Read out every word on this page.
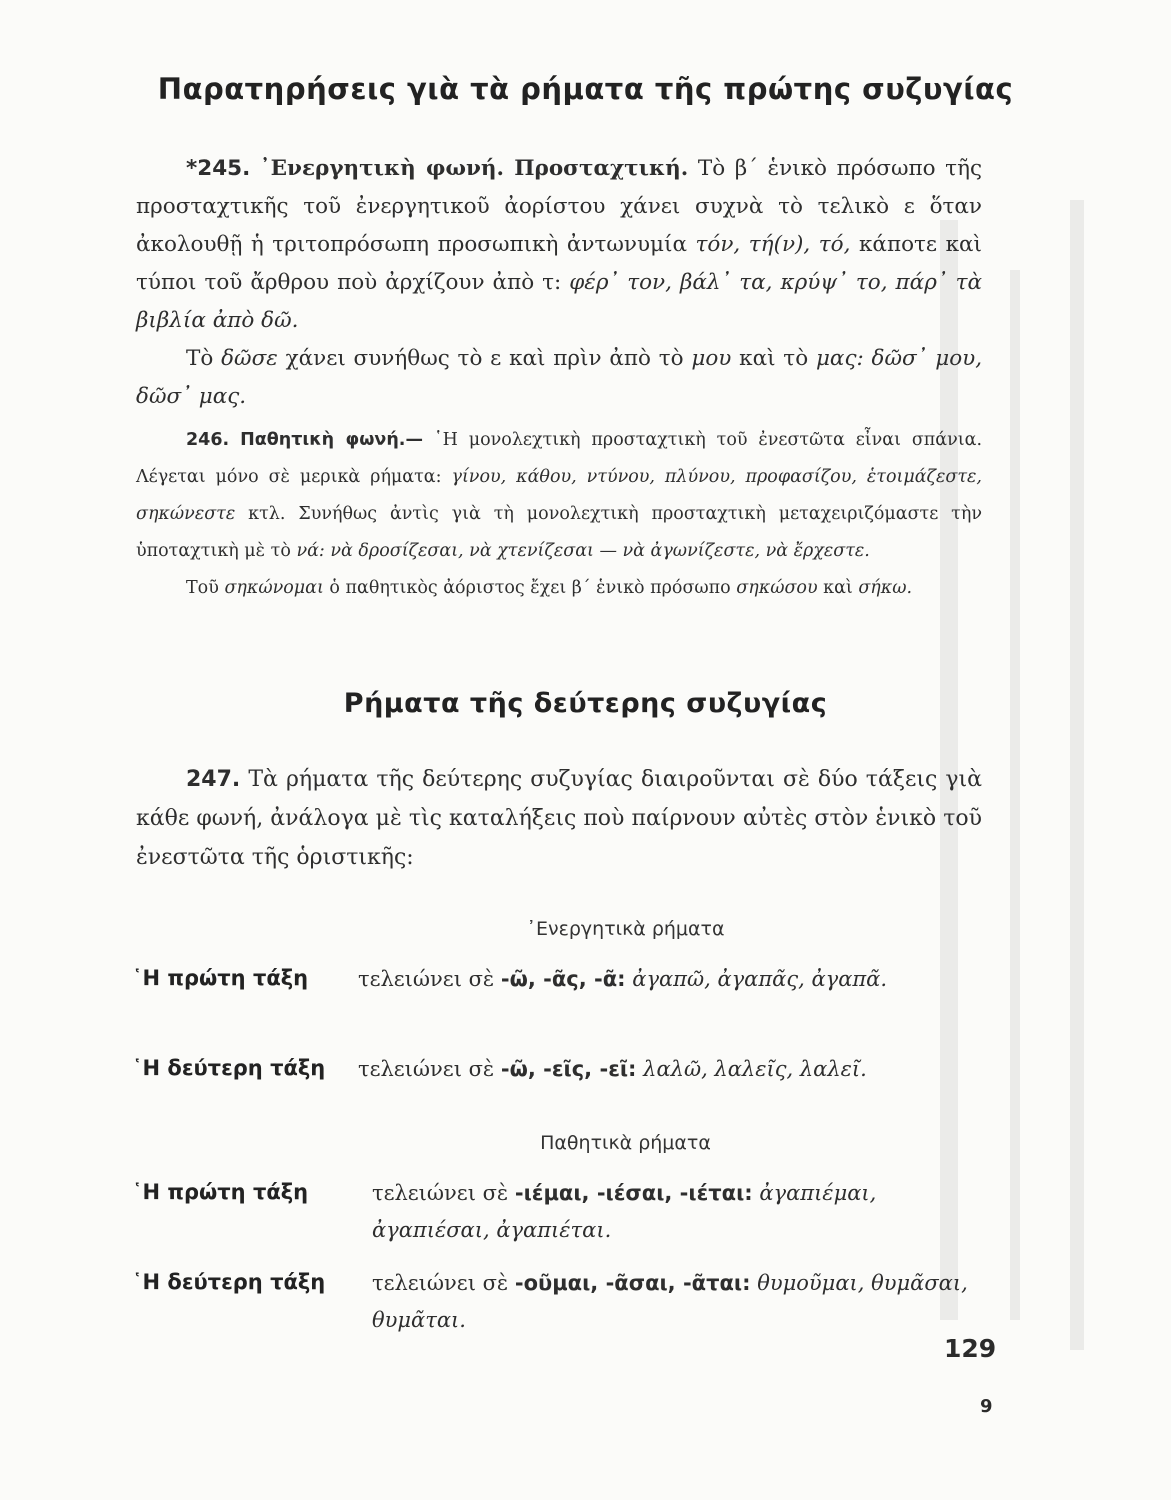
Παρατηρήσεις γιὰ τὰ ρήματα τῆς πρώτης συζυγίας
*245. ᾿Ενεργητικὴ φωνή. Προσταχτική. Τὸ β΄ ἑνικὸ πρόσωπο τῆς προσταχτικῆς τοῦ ἐνεργητικοῦ ἀορίστου χάνει συχνὰ τὸ τελικὸ ε ὅταν ἀκολουθῇ ἡ τριτοπρόσωπη προσωπικὴ ἀντωνυμία τόν, τή(ν), τό, κάποτε καὶ τύποι τοῦ ἄρθρου ποὺ ἀρχίζουν ἀπὸ τ: φέρ᾿ τον, βάλ᾿ τα, κρύψ᾿ το, πάρ᾿ τὰ βιβλία ἀπὸ δῶ.
Τὸ δῶσε χάνει συνήθως τὸ ε καὶ πρὶν ἀπὸ τὸ μου καὶ τὸ μας: δῶσ᾿ μου, δῶσ᾿ μας.
246. Παθητικὴ φωνή.— ῾Η μονολεχτικὴ προσταχτικὴ τοῦ ἐνεστῶτα εἶναι σπάνια. Λέγεται μόνο σὲ μερικὰ ρήματα: γίνου, κάθου, ντύνου, πλύνου, προφασίζου, ἑτοιμάζεστε, σηκώνεστε κτλ. Συνήθως ἀντὶς γιὰ τὴ μονολεχτικὴ προσταχτικὴ μεταχειριζόμαστε τὴν ὑποταχτικὴ μὲ τὸ νά: νὰ δροσίζεσαι, νὰ χτενίζεσαι — νὰ ἀγωνίζεστε, νὰ ἔρχεστε.
Τοῦ σηκώνομαι ὁ παθητικὸς ἀόριστος ἔχει β΄ ἑνικὸ πρόσωπο σηκώσου καὶ σήκω.
Ρήματα τῆς δεύτερης συζυγίας
247. Τὰ ρήματα τῆς δεύτερης συζυγίας διαιροῦνται σὲ δύο τάξεις γιὰ κάθε φωνή, ἀνάλογα μὲ τὶς καταλήξεις ποὺ παίρνουν αὐτὲς στὸν ἑνικὸ τοῦ ἐνεστῶτα τῆς ὁριστικῆς:
᾿Ενεργητικὰ ρήματα
῾Η πρώτη τάξη τελειώνει σὲ -ῶ, -ᾶς, -ᾶ: ἀγαπῶ, ἀγαπᾶς, ἀγαπᾶ.
῾Η δεύτερη τάξη τελειώνει σὲ -ῶ, -εῖς, -εῖ: λαλῶ, λαλεῖς, λαλεῖ.
Παθητικὰ ρήματα
῾Η πρώτη τάξη	τελειώνει σὲ -ιέμαι, -ιέσαι, -ιέται: ἀγαπιέμαι, ἀγαπιέσαι, ἀγαπιέται.
῾Η δεύτερη τάξη τελειώνει σὲ -οῦμαι, -ᾶσαι, -ᾶται: θυμοῦμαι, θυμᾶσαι, θυμᾶται.
129
9
